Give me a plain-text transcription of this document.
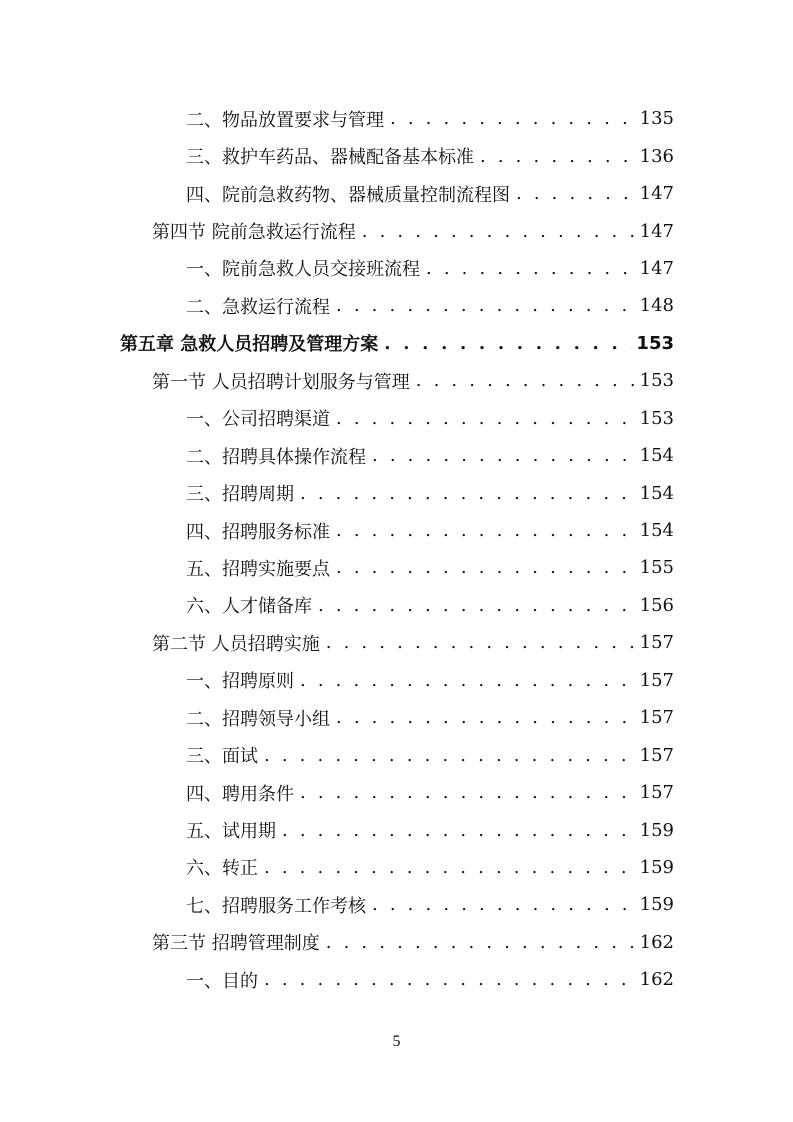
二、物品放置要求与管理 . . .	135
三、救护车药品、器械配备基本标准 . . .	136
四、院前急救药物、器械质量控制流程图 . . .	147
第四节 院前急救运行流程 . . .	147
一、院前急救人员交接班流程 . . .	147
二、急救运行流程 . . .	148
第五章 急救人员招聘及管理方案 . . .	153
第一节 人员招聘计划服务与管理 . . .	153
一、公司招聘渠道 . . .	153
二、招聘具体操作流程 . . .	154
三、招聘周期 . . .	154
四、招聘服务标准 . . .	154
五、招聘实施要点 . . .	155
六、人才储备库 . . .	156
第二节 人员招聘实施 . . .	157
一、招聘原则 . . .	157
二、招聘领导小组 . . .	157
三、面试 . . .	157
四、聘用条件 . . .	157
五、试用期 . . .	159
六、转正 . . .	159
七、招聘服务工作考核 . . .	159
第三节 招聘管理制度 . . .	162
一、目的 . . .	162
5
